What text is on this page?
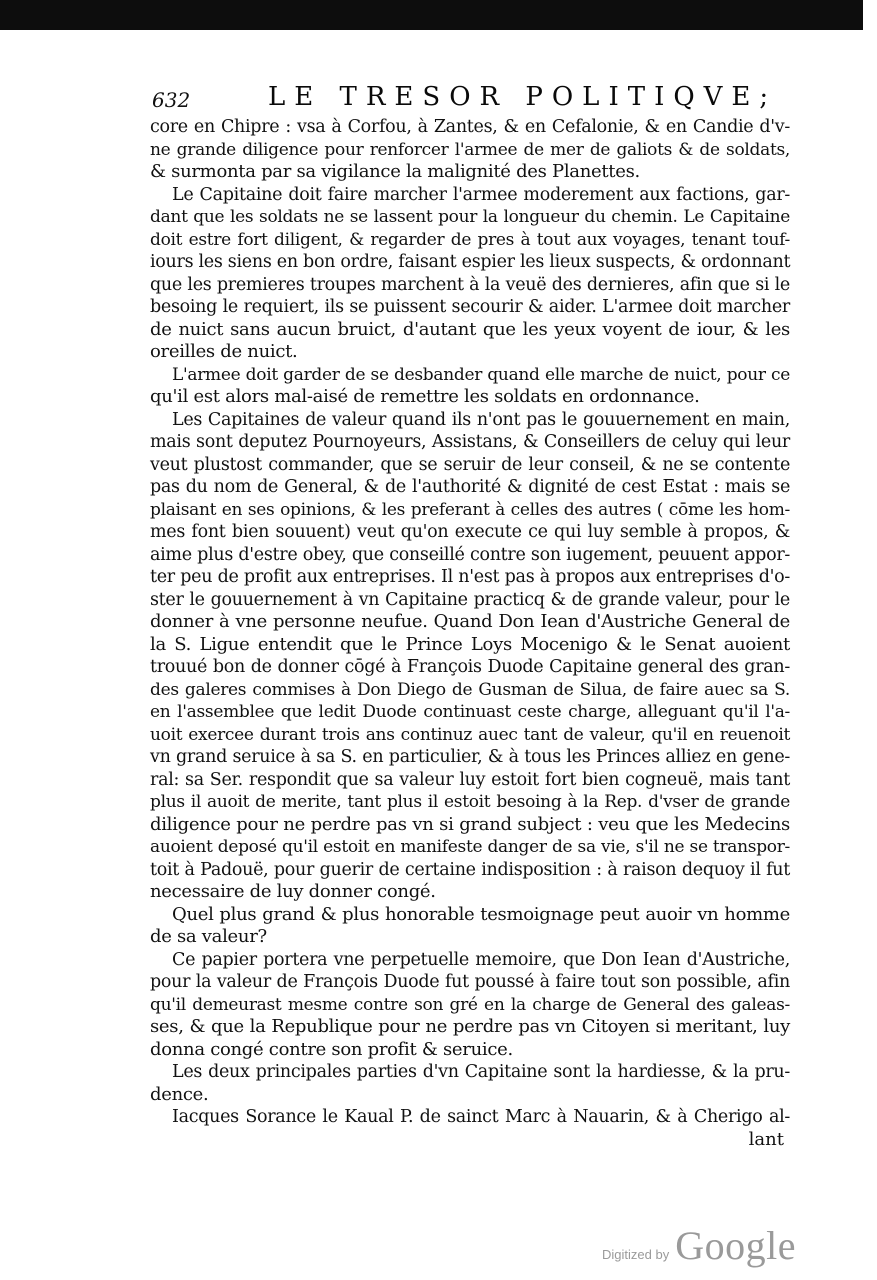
632	LE TRESOR POLITIQVE;
core en Chipre : vsa à Corfou, à Zantes, & en Cefalonie, & en Candie d'v-
ne grande diligence pour renforcer l'armee de mer de galiots & de soldats,
& surmonta par sa vigilance la malignité des Planettes.
Le Capitaine doit faire marcher l'armee moderement aux factions, gar-
dant que les soldats ne se lassent pour la longueur du chemin. Le Capitaine
doit estre fort diligent, & regarder de pres à tout aux voyages, tenant touf-
iours les siens en bon ordre, faisant espier les lieux suspects, & ordonnant
que les premieres troupes marchent à la veuë des dernieres, afin que si le
besoing le requiert, ils se puissent secourir & aider. L'armee doit marcher
de nuict sans aucun bruict, d'autant que les yeux voyent de iour, & les
oreilles de nuict.
L'armee doit garder de se desbander quand elle marche de nuict, pour ce
qu'il est alors mal-aisé de remettre les soldats en ordonnance.
Les Capitaines de valeur quand ils n'ont pas le gouuernement en main,
mais sont deputez Pournoyeurs, Assistans, & Conseillers de celuy qui leur
veut plustost commander, que se seruir de leur conseil, & ne se contente
pas du nom de General, & de l'authorité & dignité de cest Estat : mais se
plaisant en ses opinions, & les preferant à celles des autres ( cōme les hom-
mes font bien souuent) veut qu'on execute ce qui luy semble à propos, &
aime plus d'estre obey, que conseillé contre son iugement, peuuent appor-
ter peu de profit aux entreprises. Il n'est pas à propos aux entreprises d'o-
ster le gouuernement à vn Capitaine practicq & de grande valeur, pour le
donner à vne personne neufue. Quand Don Iean d'Austriche General de
la S. Ligue entendit que le Prince Loys Mocenigo & le Senat auoient
trouué bon de donner cōgé à François Duode Capitaine general des gran-
des galeres commises à Don Diego de Gusman de Silua, de faire auec sa S.
en l'assemblee que ledit Duode continuast ceste charge, alleguant qu'il l'a-
uoit exercee durant trois ans continuz auec tant de valeur, qu'il en reuenoit
vn grand seruice à sa S. en particulier, & à tous les Princes alliez en gene-
ral: sa Ser. respondit que sa valeur luy estoit fort bien cogneuë, mais tant
plus il auoit de merite, tant plus il estoit besoing à la Rep. d'vser de grande
diligence pour ne perdre pas vn si grand subject : veu que les Medecins
auoient deposé qu'il estoit en manifeste danger de sa vie, s'il ne se transpor-
toit à Padouë, pour guerir de certaine indisposition : à raison dequoy il fut
necessaire de luy donner congé.
Quel plus grand & plus honorable tesmoignage peut auoir vn homme
de sa valeur?
Ce papier portera vne perpetuelle memoire, que Don Iean d'Austriche,
pour la valeur de François Duode fut poussé à faire tout son possible, afin
qu'il demeurast mesme contre son gré en la charge de General des galeas-
ses, & que la Republique pour ne perdre pas vn Citoyen si meritant, luy
donna congé contre son profit & seruice.
Les deux principales parties d'vn Capitaine sont la hardiesse, & la pru-
dence.
Iacques Sorance le Kaual P. de sainct Marc à Nauarin, & à Cherigo al-
lant
Digitized by Google
